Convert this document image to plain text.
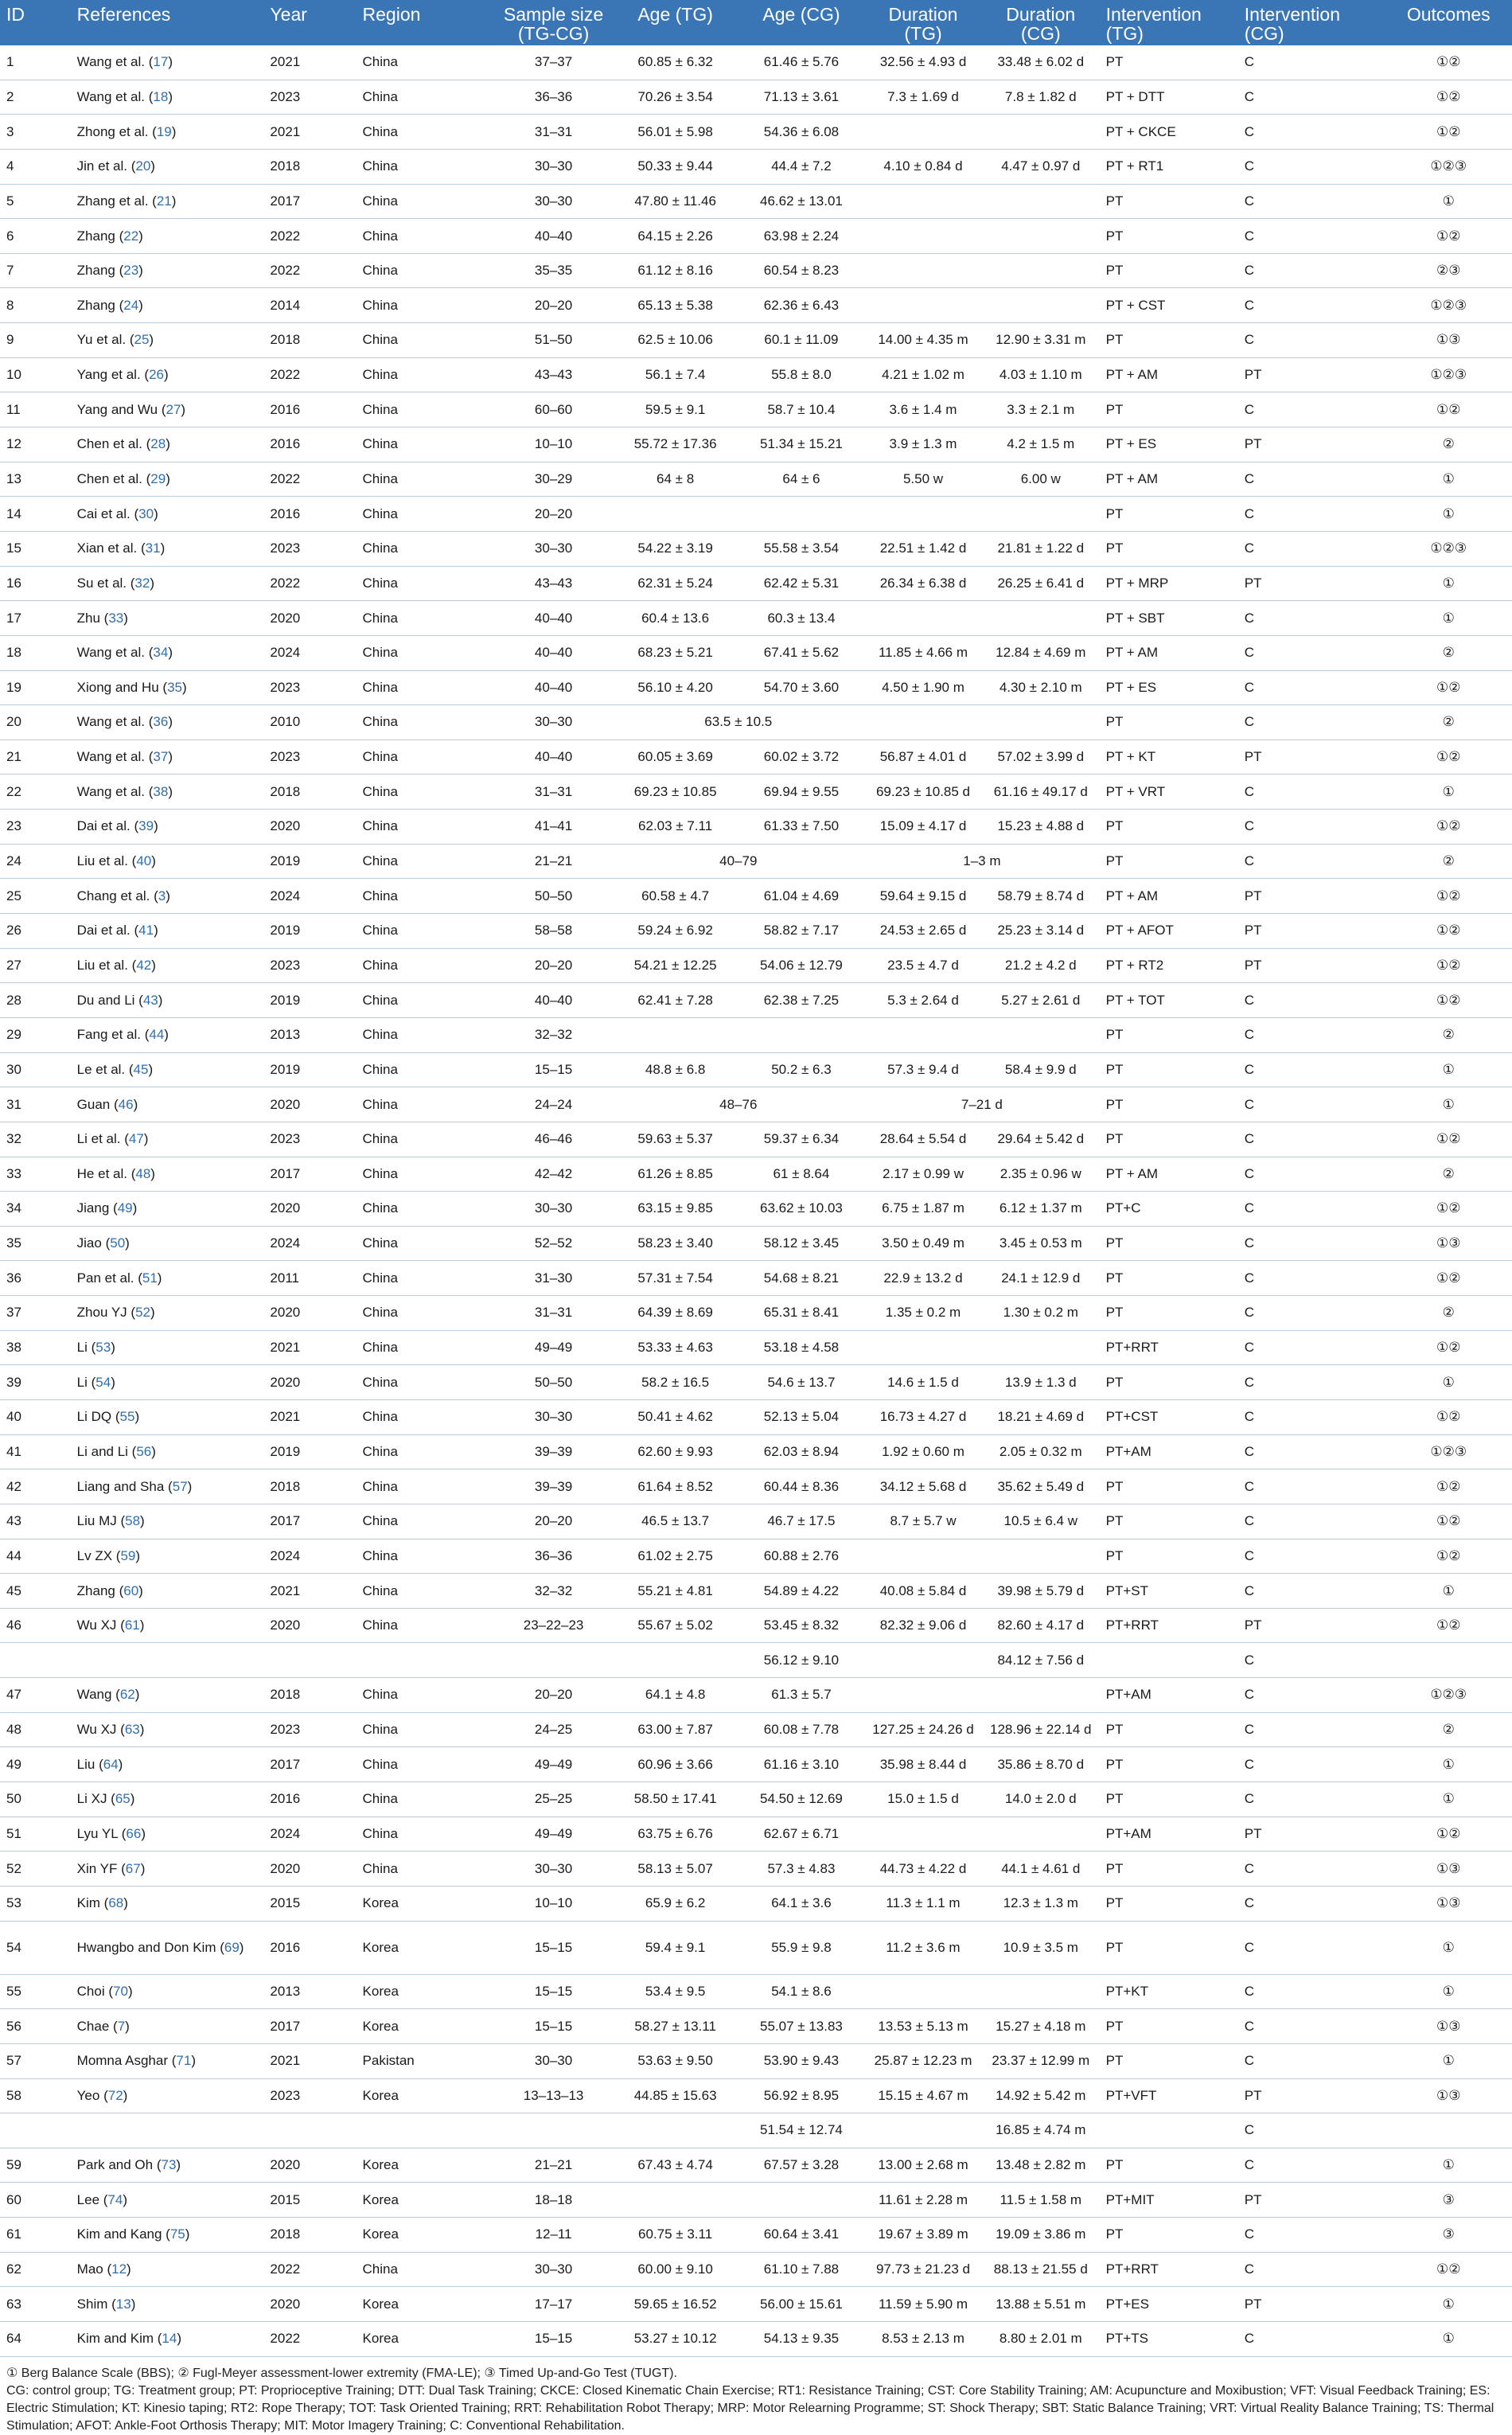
ID	References	Year	Region	Sample size (TG-CG)	Age (TG)	Age (CG)	Duration (TG)	Duration (CG)	Intervention (TG)	Intervention (CG)	Outcomes
1	Wang et al. (17)	2021	China	37–37	60.85 ± 6.32	61.46 ± 5.76	32.56 ± 4.93 d	33.48 ± 6.02 d	PT	C	①②
2	Wang et al. (18)	2023	China	36–36	70.26 ± 3.54	71.13 ± 3.61	7.3 ± 1.69 d	7.8 ± 1.82 d	PT + DTT	C	①②
3	Zhong et al. (19)	2021	China	31–31	56.01 ± 5.98	54.36 ± 6.08			PT + CKCE	C	①②
4	Jin et al. (20)	2018	China	30–30	50.33 ± 9.44	44.4 ± 7.2	4.10 ± 0.84 d	4.47 ± 0.97 d	PT + RT1	C	①②③
5	Zhang et al. (21)	2017	China	30–30	47.80 ± 11.46	46.62 ± 13.01			PT	C	①
6	Zhang (22)	2022	China	40–40	64.15 ± 2.26	63.98 ± 2.24			PT	C	①②
7	Zhang (23)	2022	China	35–35	61.12 ± 8.16	60.54 ± 8.23			PT	C	②③
8	Zhang (24)	2014	China	20–20	65.13 ± 5.38	62.36 ± 6.43			PT + CST	C	①②③
9	Yu et al. (25)	2018	China	51–50	62.5 ± 10.06	60.1 ± 11.09	14.00 ± 4.35 m	12.90 ± 3.31 m	PT	C	①③
10	Yang et al. (26)	2022	China	43–43	56.1 ± 7.4	55.8 ± 8.0	4.21 ± 1.02 m	4.03 ± 1.10 m	PT + AM	PT	①②③
11	Yang and Wu (27)	2016	China	60–60	59.5 ± 9.1	58.7 ± 10.4	3.6 ± 1.4 m	3.3 ± 2.1 m	PT	C	①②
12	Chen et al. (28)	2016	China	10–10	55.72 ± 17.36	51.34 ± 15.21	3.9 ± 1.3 m	4.2 ± 1.5 m	PT + ES	PT	②
13	Chen et al. (29)	2022	China	30–29	64 ± 8	64 ± 6	5.50 w	6.00 w	PT + AM	C	①
14	Cai et al. (30)	2016	China	20–20					PT	C	①
15	Xian et al. (31)	2023	China	30–30	54.22 ± 3.19	55.58 ± 3.54	22.51 ± 1.42 d	21.81 ± 1.22 d	PT	C	①②③
16	Su et al. (32)	2022	China	43–43	62.31 ± 5.24	62.42 ± 5.31	26.34 ± 6.38 d	26.25 ± 6.41 d	PT + MRP	PT	①
17	Zhu (33)	2020	China	40–40	60.4 ± 13.6	60.3 ± 13.4			PT + SBT	C	①
18	Wang et al. (34)	2024	China	40–40	68.23 ± 5.21	67.41 ± 5.62	11.85 ± 4.66 m	12.84 ± 4.69 m	PT + AM	C	②
19	Xiong and Hu (35)	2023	China	40–40	56.10 ± 4.20	54.70 ± 3.60	4.50 ± 1.90 m	4.30 ± 2.10 m	PT + ES	C	①②
20	Wang et al. (36)	2010	China	30–30	63.5 ± 10.5				PT	C	②
21	Wang et al. (37)	2023	China	40–40	60.05 ± 3.69	60.02 ± 3.72	56.87 ± 4.01 d	57.02 ± 3.99 d	PT + KT	PT	①②
22	Wang et al. (38)	2018	China	31–31	69.23 ± 10.85	69.94 ± 9.55	69.23 ± 10.85 d	61.16 ± 49.17 d	PT + VRT	C	①
23	Dai et al. (39)	2020	China	41–41	62.03 ± 7.11	61.33 ± 7.50	15.09 ± 4.17 d	15.23 ± 4.88 d	PT	C	①②
24	Liu et al. (40)	2019	China	21–21	40–79		1–3 m		PT	C	②
25	Chang et al. (3)	2024	China	50–50	60.58 ± 4.7	61.04 ± 4.69	59.64 ± 9.15 d	58.79 ± 8.74 d	PT + AM	PT	①②
26	Dai et al. (41)	2019	China	58–58	59.24 ± 6.92	58.82 ± 7.17	24.53 ± 2.65 d	25.23 ± 3.14 d	PT + AFOT	PT	①②
27	Liu et al. (42)	2023	China	20–20	54.21 ± 12.25	54.06 ± 12.79	23.5 ± 4.7 d	21.2 ± 4.2 d	PT + RT2	PT	①②
28	Du and Li (43)	2019	China	40–40	62.41 ± 7.28	62.38 ± 7.25	5.3 ± 2.64 d	5.27 ± 2.61 d	PT + TOT	C	①②
29	Fang et al. (44)	2013	China	32–32					PT	C	②
30	Le et al. (45)	2019	China	15–15	48.8 ± 6.8	50.2 ± 6.3	57.3 ± 9.4 d	58.4 ± 9.9 d	PT	C	①
31	Guan (46)	2020	China	24–24	48–76		7–21 d		PT	C	①
32	Li et al. (47)	2023	China	46–46	59.63 ± 5.37	59.37 ± 6.34	28.64 ± 5.54 d	29.64 ± 5.42 d	PT	C	①②
33	He et al. (48)	2017	China	42–42	61.26 ± 8.85	61 ± 8.64	2.17 ± 0.99 w	2.35 ± 0.96 w	PT + AM	C	②
34	Jiang (49)	2020	China	30–30	63.15 ± 9.85	63.62 ± 10.03	6.75 ± 1.87 m	6.12 ± 1.37 m	PT+C	C	①②
35	Jiao (50)	2024	China	52–52	58.23 ± 3.40	58.12 ± 3.45	3.50 ± 0.49 m	3.45 ± 0.53 m	PT	C	①③
36	Pan et al. (51)	2011	China	31–30	57.31 ± 7.54	54.68 ± 8.21	22.9 ± 13.2 d	24.1 ± 12.9 d	PT	C	①②
37	Zhou YJ (52)	2020	China	31–31	64.39 ± 8.69	65.31 ± 8.41	1.35 ± 0.2 m	1.30 ± 0.2 m	PT	C	②
38	Li (53)	2021	China	49–49	53.33 ± 4.63	53.18 ± 4.58			PT+RRT	C	①②
39	Li (54)	2020	China	50–50	58.2 ± 16.5	54.6 ± 13.7	14.6 ± 1.5 d	13.9 ± 1.3 d	PT	C	①
40	Li DQ (55)	2021	China	30–30	50.41 ± 4.62	52.13 ± 5.04	16.73 ± 4.27 d	18.21 ± 4.69 d	PT+CST	C	①②
41	Li and Li (56)	2019	China	39–39	62.60 ± 9.93	62.03 ± 8.94	1.92 ± 0.60 m	2.05 ± 0.32 m	PT+AM	C	①②③
42	Liang and Sha (57)	2018	China	39–39	61.64 ± 8.52	60.44 ± 8.36	34.12 ± 5.68 d	35.62 ± 5.49 d	PT	C	①②
43	Liu MJ (58)	2017	China	20–20	46.5 ± 13.7	46.7 ± 17.5	8.7 ± 5.7 w	10.5 ± 6.4 w	PT	C	①②
44	Lv ZX (59)	2024	China	36–36	61.02 ± 2.75	60.88 ± 2.76			PT	C	①②
45	Zhang (60)	2021	China	32–32	55.21 ± 4.81	54.89 ± 4.22	40.08 ± 5.84 d	39.98 ± 5.79 d	PT+ST	C	①
46	Wu XJ (61)	2020	China	23–22–23	55.67 ± 5.02	53.45 ± 8.32	82.32 ± 9.06 d	82.60 ± 4.17 d	PT+RRT	PT	①②
						56.12 ± 9.10		84.12 ± 7.56 d		C	
47	Wang (62)	2018	China	20–20	64.1 ± 4.8	61.3 ± 5.7			PT+AM	C	①②③
48	Wu XJ (63)	2023	China	24–25	63.00 ± 7.87	60.08 ± 7.78	127.25 ± 24.26 d	128.96 ± 22.14 d	PT	C	②
49	Liu (64)	2017	China	49–49	60.96 ± 3.66	61.16 ± 3.10	35.98 ± 8.44 d	35.86 ± 8.70 d	PT	C	①
50	Li XJ (65)	2016	China	25–25	58.50 ± 17.41	54.50 ± 12.69	15.0 ± 1.5 d	14.0 ± 2.0 d	PT	C	①
51	Lyu YL (66)	2024	China	49–49	63.75 ± 6.76	62.67 ± 6.71			PT+AM	PT	①②
52	Xin YF (67)	2020	China	30–30	58.13 ± 5.07	57.3 ± 4.83	44.73 ± 4.22 d	44.1 ± 4.61 d	PT	C	①③
53	Kim (68)	2015	Korea	10–10	65.9 ± 6.2	64.1 ± 3.6	11.3 ± 1.1 m	12.3 ± 1.3 m	PT	C	①③
54	Hwangbo and Don Kim (69)	2016	Korea	15–15	59.4 ± 9.1	55.9 ± 9.8	11.2 ± 3.6 m	10.9 ± 3.5 m	PT	C	①
55	Choi (70)	2013	Korea	15–15	53.4 ± 9.5	54.1 ± 8.6			PT+KT	C	①
56	Chae (7)	2017	Korea	15–15	58.27 ± 13.11	55.07 ± 13.83	13.53 ± 5.13 m	15.27 ± 4.18 m	PT	C	①③
57	Momna Asghar (71)	2021	Pakistan	30–30	53.63 ± 9.50	53.90 ± 9.43	25.87 ± 12.23 m	23.37 ± 12.99 m	PT	C	①
58	Yeo (72)	2023	Korea	13–13–13	44.85 ± 15.63	56.92 ± 8.95	15.15 ± 4.67 m	14.92 ± 5.42 m	PT+VFT	PT	①③
						51.54 ± 12.74		16.85 ± 4.74 m		C	
59	Park and Oh (73)	2020	Korea	21–21	67.43 ± 4.74	67.57 ± 3.28	13.00 ± 2.68 m	13.48 ± 2.82 m	PT	C	①
60	Lee (74)	2015	Korea	18–18			11.61 ± 2.28 m	11.5 ± 1.58 m	PT+MIT	PT	③
61	Kim and Kang (75)	2018	Korea	12–11	60.75 ± 3.11	60.64 ± 3.41	19.67 ± 3.89 m	19.09 ± 3.86 m	PT	C	③
62	Mao (12)	2022	China	30–30	60.00 ± 9.10	61.10 ± 7.88	97.73 ± 21.23 d	88.13 ± 21.55 d	PT+RRT	C	①②
63	Shim (13)	2020	Korea	17–17	59.65 ± 16.52	56.00 ± 15.61	11.59 ± 5.90 m	13.88 ± 5.51 m	PT+ES	PT	①
64	Kim and Kim (14)	2022	Korea	15–15	53.27 ± 10.12	54.13 ± 9.35	8.53 ± 2.13 m	8.80 ± 2.01 m	PT+TS	C	①

① Berg Balance Scale (BBS); ② Fugl-Meyer assessment-lower extremity (FMA-LE); ③ Timed Up-and-Go Test (TUGT).

CG: control group; TG: Treatment group; PT: Proprioceptive Training; DTT: Dual Task Training; CKCE: Closed Kinematic Chain Exercise; RT1: Resistance Training; CST: Core Stability Training; AM: Acupuncture and Moxibustion; VFT: Visual Feedback Training; ES: Electric Stimulation; KT: Kinesio taping; RT2: Rope Therapy; TOT: Task Oriented Training; RRT: Rehabilitation Robot Therapy; MRP: Motor Relearning Programme; ST: Shock Therapy; SBT: Static Balance Training; VRT: Virtual Reality Balance Training; TS: Thermal Stimulation; AFOT: Ankle-Foot Orthosis Therapy; MIT: Motor Imagery Training; C: Conventional Rehabilitation.
